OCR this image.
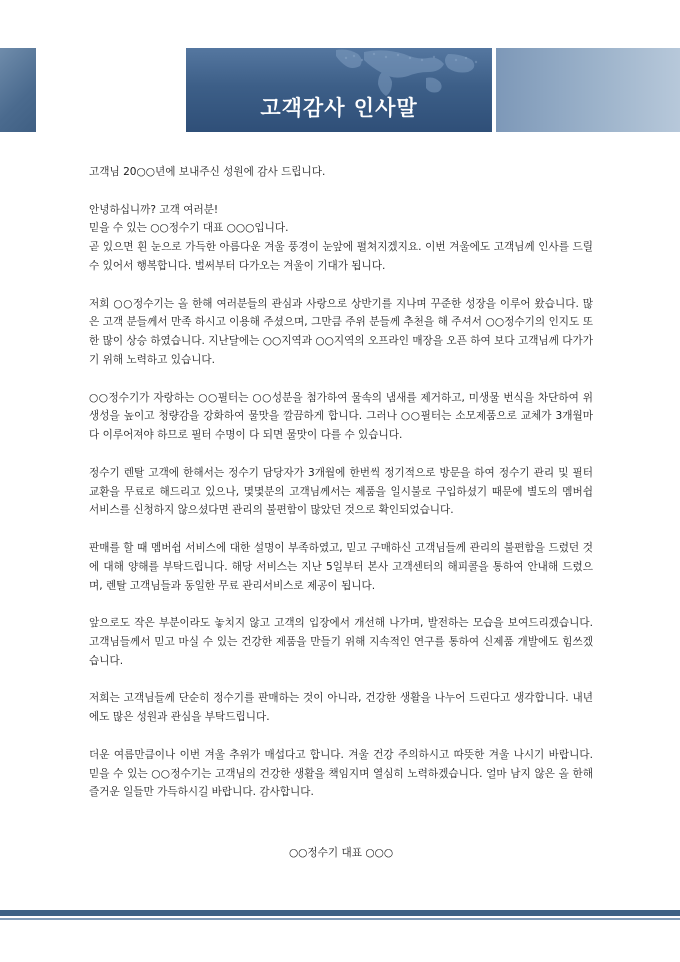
고객감사 인사말

고객님 20○○년에 보내주신 성원에 감사 드립니다.

안녕하십니까? 고객 여러분!

믿을 수 있는 ○○정수기 대표 ○○○입니다.

곧 있으면 흰 눈으로 가득한 아름다운 겨울 풍경이 눈앞에 펼쳐지겠지요. 이번 겨울에도 고객님께 인사를 드릴 수 있어서 행복합니다. 벌써부터 다가오는 겨울이 기대가 됩니다.

저희 ○○정수기는 올 한해 여러분들의 관심과 사랑으로 상반기를 지나며 꾸준한 성장을 이루어 왔습니다. 많은 고객 분들께서 만족 하시고 이용해 주셨으며, 그만큼 주위 분들께 추천을 해 주셔서 ○○정수기의 인지도 또한 많이 상승 하였습니다. 지난달에는 ○○지역과 ○○지역의 오프라인 매장을 오픈 하여 보다 고객님께 다가가기 위해 노력하고 있습니다.

○○정수기가 자랑하는 ○○필터는 ○○성분을 첨가하여 물속의 냄새를 제거하고, 미생물 번식을 차단하여 위생성을 높이고 청량감을 강화하여 물맛을 깔끔하게 합니다. 그러나 ○○필터는 소모제품으로 교체가 3개월마다 이루어져야 하므로 필터 수명이 다 되면 물맛이 다를 수 있습니다.

정수기 렌탈 고객에 한해서는 정수기 담당자가 3개월에 한번씩 정기적으로 방문을 하여 정수기 관리 및 필터 교환을 무료로 해드리고 있으나, 몇몇분의 고객님께서는 제품을 일시불로 구입하셨기 때문에 별도의 멤버쉽 서비스를 신청하지 않으셨다면 관리의 불편함이 많았던 것으로 확인되었습니다.

판매를 할 때 멤버쉽 서비스에 대한 설명이 부족하였고, 믿고 구매하신 고객님들께 관리의 불편함을 드렸던 것에 대해 양해를 부탁드립니다. 해당 서비스는 지난 5일부터 본사 고객센터의 해피콜을 통하여 안내해 드렸으며, 렌탈 고객님들과 동일한 무료 관리서비스로 제공이 됩니다.

앞으로도 작은 부분이라도 놓치지 않고 고객의 입장에서 개선해 나가며, 발전하는 모습을 보여드리겠습니다. 고객님들께서 믿고 마실 수 있는 건강한 제품을 만들기 위해 지속적인 연구를 통하여 신제품 개발에도 힘쓰겠습니다.

저희는 고객님들께 단순히 정수기를 판매하는 것이 아니라, 건강한 생활을 나누어 드린다고 생각합니다. 내년에도 많은 성원과 관심을 부탁드립니다.

더운 여름만큼이나 이번 겨울 추위가 매섭다고 합니다. 겨울 건강 주의하시고 따뜻한 겨울 나시기 바랍니다. 믿을 수 있는 ○○정수기는 고객님의 건강한 생활을 책임지며 열심히 노력하겠습니다. 얼마 남지 않은 올 한해 즐거운 일들만 가득하시길 바랍니다. 감사합니다.

○○정수기 대표 ○○○
